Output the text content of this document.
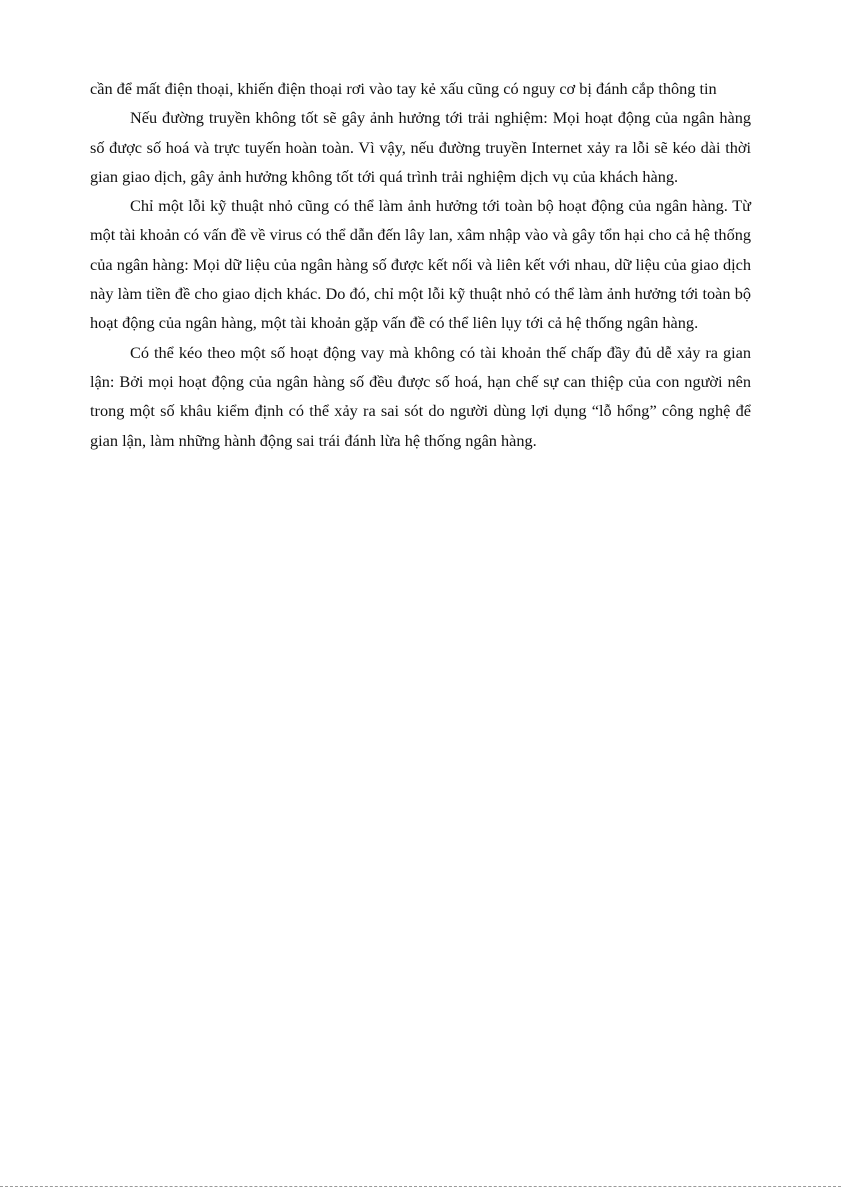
cần để mất điện thoại, khiến điện thoại rơi vào tay kẻ xấu cũng có nguy cơ bị đánh cắp thông tin

Nếu đường truyền không tốt sẽ gây ảnh hưởng tới trải nghiệm: Mọi hoạt động của ngân hàng số được số hoá và trực tuyến hoàn toàn. Vì vậy, nếu đường truyền Internet xảy ra lỗi sẽ kéo dài thời gian giao dịch, gây ảnh hưởng không tốt tới quá trình trải nghiệm dịch vụ của khách hàng.

Chỉ một lỗi kỹ thuật nhỏ cũng có thể làm ảnh hưởng tới toàn bộ hoạt động của ngân hàng. Từ một tài khoản có vấn đề về virus có thể dẫn đến lây lan, xâm nhập vào và gây tổn hại cho cả hệ thống của ngân hàng: Mọi dữ liệu của ngân hàng số được kết nối và liên kết với nhau, dữ liệu của giao dịch này làm tiền đề cho giao dịch khác. Do đó, chỉ một lỗi kỹ thuật nhỏ có thể làm ảnh hưởng tới toàn bộ hoạt động của ngân hàng, một tài khoản gặp vấn đề có thể liên lụy tới cả hệ thống ngân hàng.

Có thể kéo theo một số hoạt động vay mà không có tài khoản thế chấp đầy đủ dễ xảy ra gian lận: Bởi mọi hoạt động của ngân hàng số đều được số hoá, hạn chế sự can thiệp của con người nên trong một số khâu kiểm định có thể xảy ra sai sót do người dùng lợi dụng “lỗ hổng” công nghệ để gian lận, làm những hành động sai trái đánh lừa hệ thống ngân hàng.
